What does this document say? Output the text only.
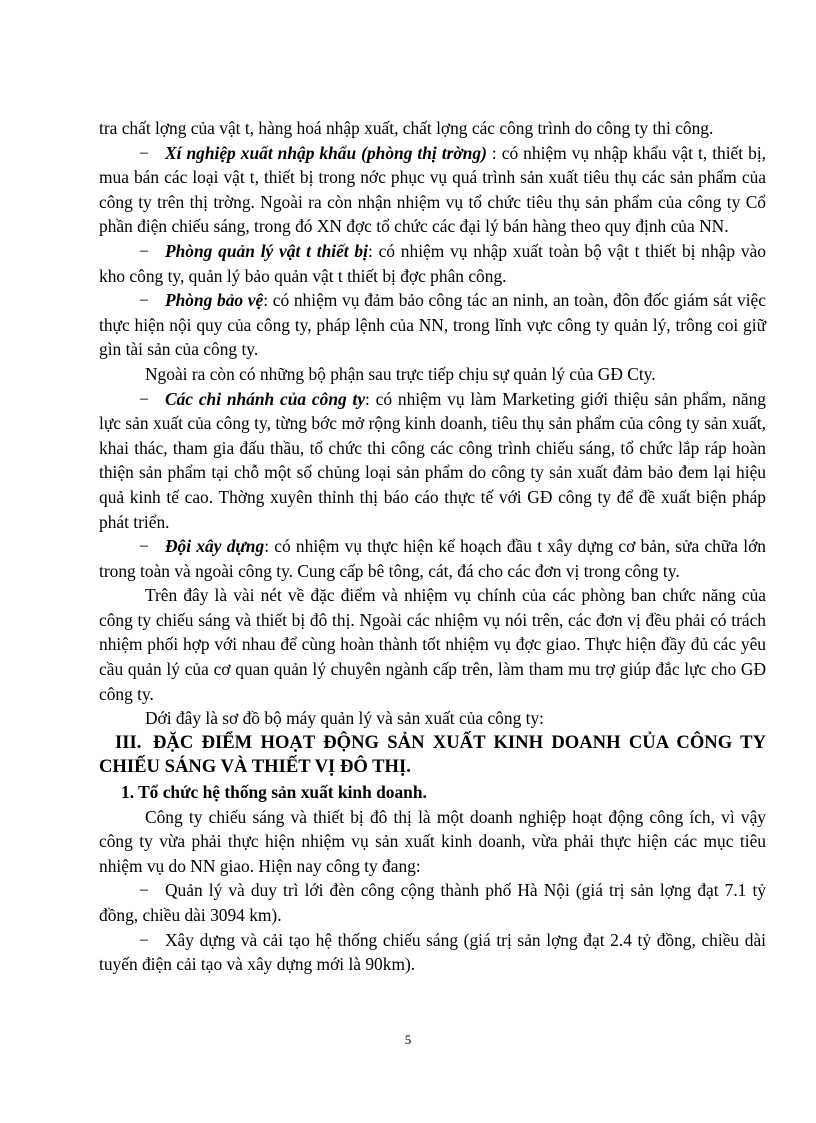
tra chất lợng của vật t, hàng hoá nhập xuất, chất lợng các công trình do công ty thi công.

− Xí nghiệp xuất nhập khẩu (phòng thị trờng) : có nhiệm vụ nhập khẩu vật t, thiết bị, mua bán các loại vật t, thiết bị trong nớc phục vụ quá trình sản xuất tiêu thụ các sản phẩm của công ty trên thị trờng. Ngoài ra còn nhận nhiệm vụ tổ chức tiêu thụ sản phẩm của công ty Cổ phần điện chiếu sáng, trong đó XN đợc tổ chức các đại lý bán hàng theo quy định của NN.

− Phòng quản lý vật t thiết bị: có nhiệm vụ nhập xuất toàn bộ vật t thiết bị nhập vào kho công ty, quản lý bảo quản vật t thiết bị đợc phân công.

− Phòng bảo vệ: có nhiệm vụ đảm bảo công tác an ninh, an toàn, đôn đốc giám sát việc thực hiện nội quy của công ty, pháp lệnh của NN, trong lĩnh vực công ty quản lý, trông coi giữ gìn tài sản của công ty.

Ngoài ra còn có những bộ phận sau trực tiếp chịu sự quản lý của GĐ Cty.

− Các chi nhánh của công ty: có nhiệm vụ làm Marketing giới thiệu sản phẩm, năng lực sản xuất của công ty, từng bớc mở rộng kinh doanh, tiêu thụ sản phẩm của công ty sản xuất, khai thác, tham gia đấu thầu, tổ chức thi công các công trình chiếu sáng, tổ chức lắp ráp hoàn thiện sản phẩm tại chỗ một số chủng loại sản phẩm do công ty sản xuất đảm bảo đem lại hiệu quả kinh tế cao. Thờng xuyên thỉnh thị báo cáo thực tế với GĐ công ty để đề xuất biện pháp phát triển.

− Đội xây dựng: có nhiệm vụ thực hiện kế hoạch đầu t xây dựng cơ bản, sửa chữa lớn trong toàn và ngoài công ty. Cung cấp bê tông, cát, đá cho các đơn vị trong công ty.

Trên đây là vài nét về đặc điểm và nhiệm vụ chính của các phòng ban chức năng của công ty chiếu sáng và thiết bị đô thị. Ngoài các nhiệm vụ nói trên, các đơn vị đều phải có trách nhiệm phối hợp với nhau để cùng hoàn thành tốt nhiệm vụ đợc giao. Thực hiện đầy đủ các yêu cầu quản lý của cơ quan quản lý chuyên ngành cấp trên, làm tham mu trợ giúp đắc lực cho GĐ công ty.

Dới đây là sơ đồ bộ máy quản lý và sản xuất của công ty:

III. ĐẶC ĐIỂM HOẠT ĐỘNG SẢN XUẤT KINH DOANH CỦA CÔNG TY CHIẾU SÁNG VÀ THIẾT VỊ ĐÔ THỊ.

1. Tổ chức hệ thống sản xuất kinh doanh.

Công ty chiếu sáng và thiết bị đô thị là một doanh nghiệp hoạt động công ích, vì vậy công ty vừa phải thực hiện nhiệm vụ sản xuất kinh doanh, vừa phải thực hiện các mục tiêu nhiệm vụ do NN giao. Hiện nay công ty đang:

− Quản lý và duy trì lới đèn công cộng thành phố Hà Nội (giá trị sản lợng đạt 7.1 tỷ đồng, chiều dài 3094 km).

− Xây dựng và cải tạo hệ thống chiếu sáng (giá trị sản lợng đạt 2.4 tỷ đồng, chiều dài tuyến điện cải tạo và xây dựng mới là 90km).

5
